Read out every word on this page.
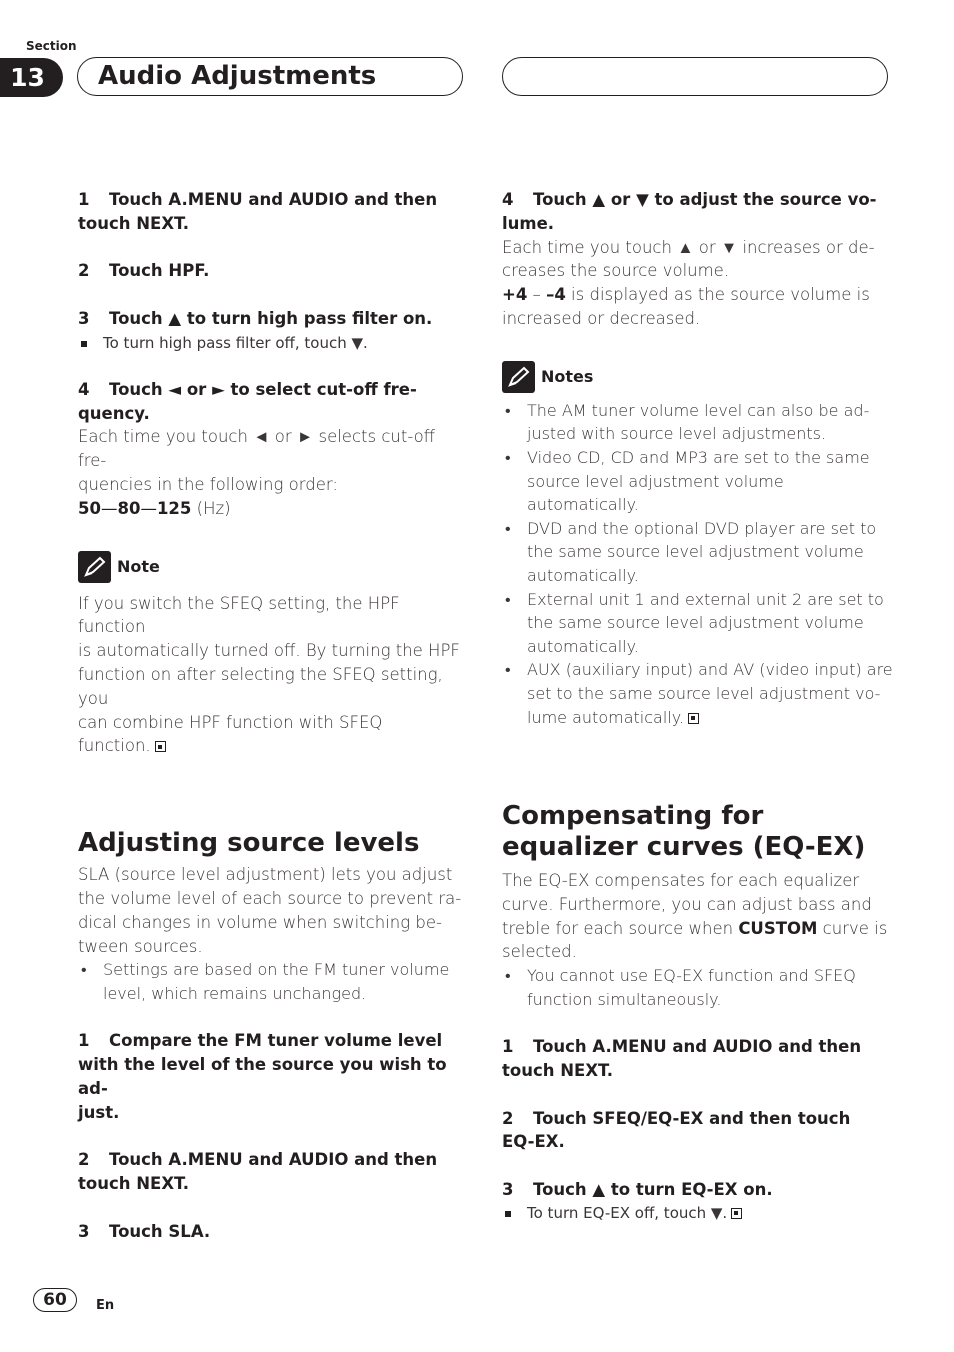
Section
13	Audio Adjustments
1 Touch A.MENU and AUDIO and then
touch NEXT.
2 Touch HPF.
3 Touch ▲ to turn high pass filter on.
To turn high pass filter off, touch ▼.
4 Touch ◄ or ► to select cut-off fre-
quency.
Each time you touch ◄ or ► selects cut-off fre-
quencies in the following order:
50—80—125 (Hz)
Note
If you switch the SFEQ setting, the HPF function
is automatically turned off. By turning the HPF
function on after selecting the SFEQ setting, you
can combine HPF function with SFEQ
function.
Adjusting source levels
SLA (source level adjustment) lets you adjust
the volume level of each source to prevent ra-
dical changes in volume when switching be-
tween sources.
• Settings are based on the FM tuner volume
level, which remains unchanged.
1 Compare the FM tuner volume level
with the level of the source you wish to ad-
just.
2 Touch A.MENU and AUDIO and then
touch NEXT.
3 Touch SLA.
4 Touch ▲ or ▼ to adjust the source vo-
lume.
Each time you touch ▲ or ▼ increases or de-
creases the source volume.
+4 – –4 is displayed as the source volume is
increased or decreased.
Notes
• The AM tuner volume level can also be ad-
justed with source level adjustments.
• Video CD, CD and MP3 are set to the same
source level adjustment volume automatically.
• DVD and the optional DVD player are set to
the same source level adjustment volume
automatically.
• External unit 1 and external unit 2 are set to
the same source level adjustment volume
automatically.
• AUX (auxiliary input) and AV (video input) are
set to the same source level adjustment vo-
lume automatically.
Compensating for
equalizer curves (EQ-EX)
The EQ-EX compensates for each equalizer
curve. Furthermore, you can adjust bass and
treble for each source when CUSTOM curve is
selected.
• You cannot use EQ-EX function and SFEQ
function simultaneously.
1 Touch A.MENU and AUDIO and then
touch NEXT.
2 Touch SFEQ/EQ-EX and then touch
EQ-EX.
3 Touch ▲ to turn EQ-EX on.
To turn EQ-EX off, touch ▼.
60	En
